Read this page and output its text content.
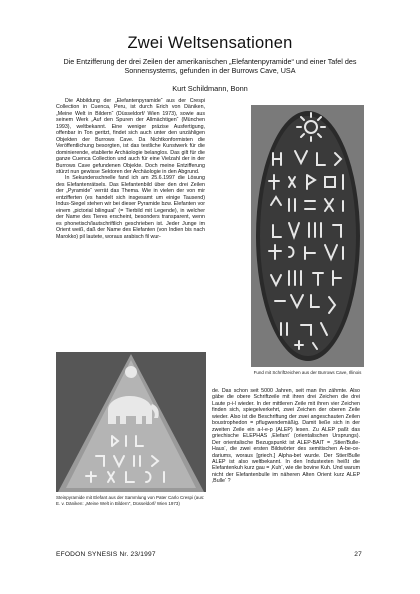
Zwei Weltsensationen
Die Entzifferung der drei Zeilen der amerikanischen „Elefantenpyramide“ und einer Tafel des Sonnensystems, gefunden in der Burrows Cave, USA
Kurt Schildmann, Bonn

Die Abbildung der „Elefantenpyramide“ aus der Crespi Collection in Cuenca, Peru, ist durch Erich von Däniken, „Meine Welt in Bildern“ (Düsseldorf/ Wien 1973), sowie aus seinem Werk „Auf den Spuren der Allmächtigen“ (München 1993), weltbekannt. Eine weniger präzise Ausfertigung, offenbar in Ton geritzt, findet sich auch unter den unzähligen Objekten der Burrows Cave. Da Nichtkonformisten die Veröffentlichung besorgten, ist das textliche Kunstwerk für die dominierende, etablierte Archäologie belanglos. Das gilt für die ganze Cuenca Collection und auch für eine Vielzahl der in der Burrows Cave gefundenen Objekte. Doch meine Entzifferung stürzt nun gewisse Sektoren der Archäologie in den Abgrund.

In Sekundenschnelle fand ich am 25.6.1997 die Lösung des Elefantenrätsels. Das Elefantenbild über den drei Zeilen der „Pyramide“ verrät das Thema. Wie in vielen der von mir entzifferten (es handelt sich insgesamt um einige Tausend) Indus-Siegel stehen wir bei dieser Pyramide bzw. Elefanten vor einem „pictorial bilingual“ (= Tierbild mit Legende), in welcher der Name des Tieres erscheint, besonders transparent, wenn es phonetisch/lautschriftlich geschrieben ist. Jeder Junge im Orient weiß, daß der Name des Elefanten (von Indien bis nach Marokko) pil lautete, woraus arabisch fil wur-

Fund mit Schriftzeichen aus der Burrows Cave, Illinois
Steinpyramide mit Elefant aus der Sammlung von Pater Carlo Crespi (aus: E. v. Däniken: „Meine Welt in Bildern“, Düsseldorf/ Wien 1973)

de. Das schon seit 5000 Jahren, seit man ihn zähmte. Also gäbe die obere Schriftzeile mit ihren drei Zeichen die drei Laute p-i-l wieder. In der mittleren Zeile mit ihren vier Zeichen finden sich, spiegelverkehrt, zwei Zeichen der oberen Zeile wieder. Also ist die Beschriftung der zwei angeschauten Zeilen boustrophedon = pflugwendemäßig. Damit ließe sich in der zweiten Zeile ein a-l-e-p (ALEP) lesen. Zu ALEP paßt das griechische ELEPHAS ‚Elefant‘ (orientalischen Ursprungs). Der orientalische Bezugspunkt ist ALEP-BAIT = ‚Stier/Bulle-Haus‘, die zwei ersten Bildwörter des semitischen A-be-ce-dariums, woraus [griech.] Alpha-bet wurde. Der Stier/Bulle ALEP ist also weltbekannt. In den Industexten heißt die Elefantenkuh kurz gau = ‚Kuh‘, wie die bovine Kuh. Und warum nicht der Elefantenbulle im näheren Alten Orient kurz ALEP ‚Bulle‘ ?

EFODON SYNESIS Nr. 23/1997	27
